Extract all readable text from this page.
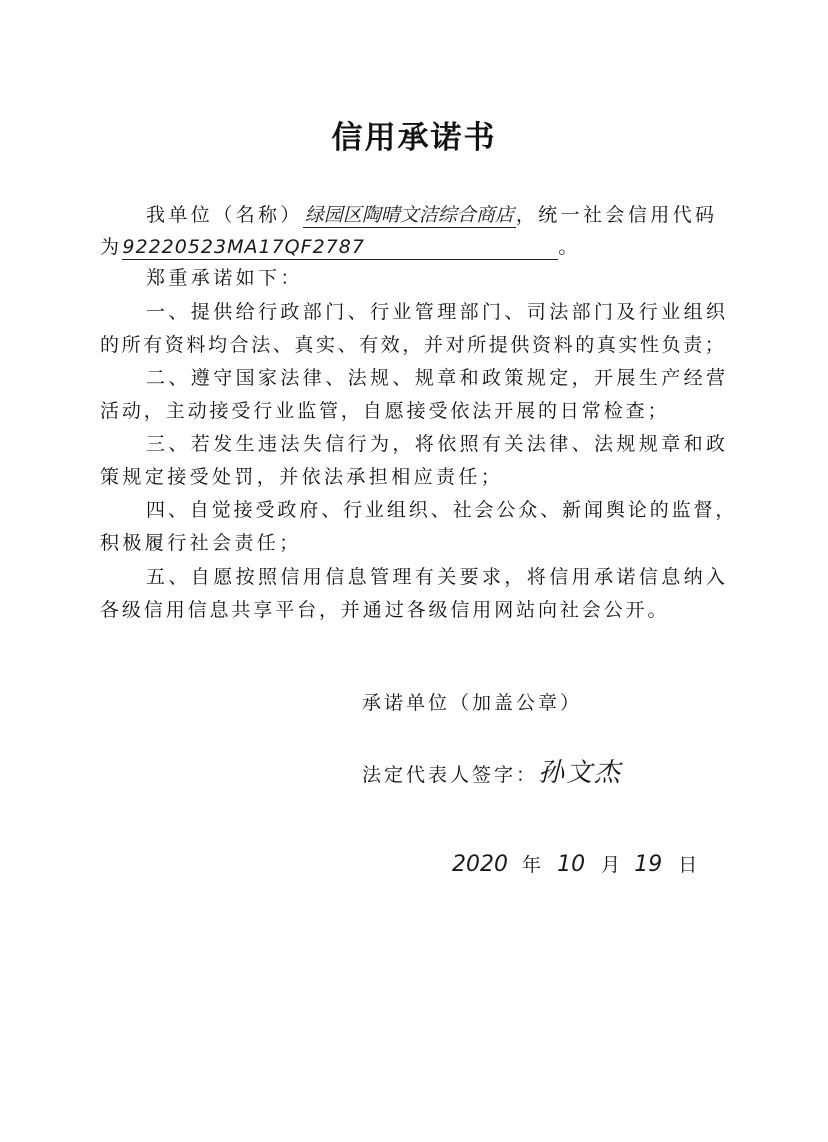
信用承诺书
我单位（名称） 绿园区陶晴文洁综合商店 ，统一社会信用代码
为92220523MA17QF2787	。
郑重承诺如下：
一、提供给行政部门、行业管理部门、司法部门及行业组织
的所有资料均合法、真实、有效，并对所提供资料的真实性负责；
二、遵守国家法律、法规、规章和政策规定，开展生产经营
活动，主动接受行业监管，自愿接受依法开展的日常检查；
三、若发生违法失信行为，将依照有关法律、法规规章和政
策规定接受处罚，并依法承担相应责任；
四、自觉接受政府、行业组织、社会公众、新闻舆论的监督，
积极履行社会责任；
五、自愿按照信用信息管理有关要求，将信用承诺信息纳入
各级信用信息共享平台，并通过各级信用网站向社会公开。
承诺单位（加盖公章）
法定代表人签字：孙文杰
2020 年 10 月 19 日
